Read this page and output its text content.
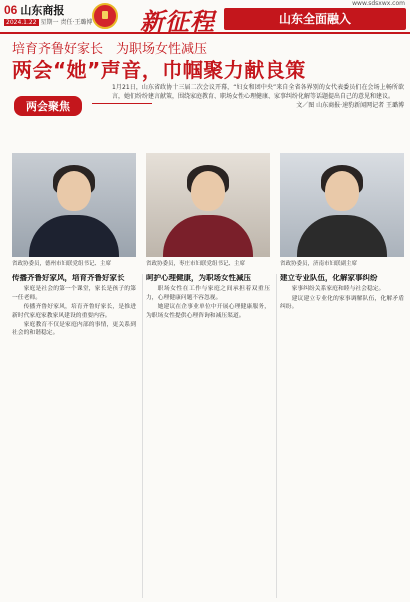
06 山东商报
2024.1.22 星期一 责任·王璐博 新征程	山东全面融入
www.sdsxwx.com
培育齐鲁好家长　为职场女性减压
两会“她”声音，巾帼聚力献良策
两会聚焦
1月21日，山东省政协十三届二次会议开幕，“妇女和团中央”来自全省各界别的女代表委员们在会场上畅所欲言，她们纷纷建言献策，围绕家庭教育、职场女性心理健康、家事纠纷化解等话题提出自己的意见和建议。
文／图 山东商报·速豹新闻网记者 王璐博
省政协委员，德州市妇联党组书记、主席	省政协委员，枣庄市妇联党组书记、主席	省政协委员，济南市妇联副主席
传播齐鲁好家风，培育齐鲁好家长

家庭是社会的第一个课堂，家长是孩子的第一任老师。

传播齐鲁好家风，培育齐鲁好家长，是推进新时代家庭家教家风建设的重要内容。

家庭教育不仅是家庭内部的事情，更关系到社会的和谐稳定。

呵护心理健康，为职场女性减压

职场女性在工作与家庭之间承担着双重压力，心理健康问题不容忽视。

她建议在企事业单位中开展心理健康服务，为职场女性提供心理咨询和减压渠道。

建立专业队伍，化解家事纠纷

家事纠纷关系家庭和睦与社会稳定。

建议建立专业化的家事调解队伍，化解矛盾纠纷。
